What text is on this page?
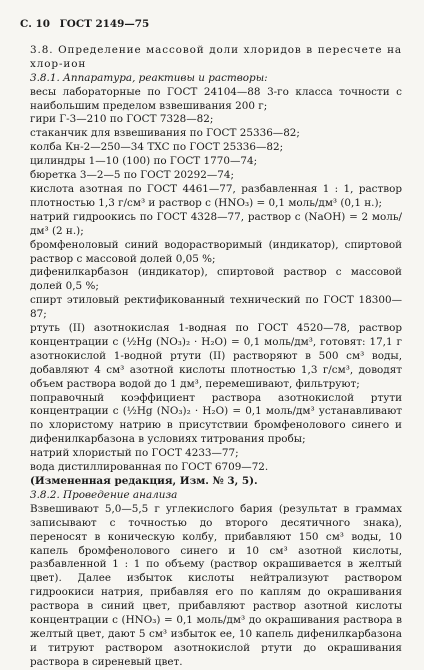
С. 10 ГОСТ 2149—75

3.8. Определение массовой доли хлоридов в пересчете на хлор-ион

3.8.1. Аппаратура, реактивы и растворы:

весы лабораторные по ГОСТ 24104—88 3-го класса точности с наибольшим пределом взвешивания 200 г;

гири Г-3—210 по ГОСТ 7328—82;

стаканчик для взвешивания по ГОСТ 25336—82;

колба Кн-2—250—34 ТХС по ГОСТ 25336—82;

цилиндры 1—10 (100) по ГОСТ 1770—74;

бюретка 3—2—5 по ГОСТ 20292—74;

кислота азотная по ГОСТ 4461—77, разбавленная 1 : 1, раствор плотностью 1,3 г/см³ и раствор с (HNO₃) = 0,1 моль/дм³ (0,1 н.);

натрий гидроокись по ГОСТ 4328—77, раствор с (NaOH) = 2 моль/дм³ (2 н.);

бромфеноловый синий водорастворимый (индикатор), спиртовой раствор с массовой долей 0,05 %;

дифенилкарбазон (индикатор), спиртовой раствор с массовой долей 0,5 %;

спирт этиловый ректификованный технический по ГОСТ 18300—87;

ртуть (II) азотнокислая 1-водная по ГОСТ 4520—78, раствор концентрации с (½Hg (NO₃)₂ · H₂O) = 0,1 моль/дм³, готовят: 17,1 г азотнокислой 1-водной ртути (II) растворяют в 500 см³ воды, добавляют 4 см³ азотной кислоты плотностью 1,3 г/см³, доводят объем раствора водой до 1 дм³, перемешивают, фильтруют;

поправочный коэффициент раствора азотнокислой ртути концентрации с (½Hg (NO₃)₂ · H₂O) = 0,1 моль/дм³ устанавливают по хлористому натрию в присутствии бромфенолового синего и дифенилкарбазона в условиях титрования пробы;

натрий хлористый по ГОСТ 4233—77;

вода дистиллированная по ГОСТ 6709—72.

(Измененная редакция, Изм. № 3, 5).

3.8.2. Проведение анализа

Взвешивают 5,0—5,5 г углекислого бария (результат в граммах записывают с точностью до второго десятичного знака), переносят в коническую колбу, прибавляют 150 см³ воды, 10 капель бромфенолового синего и 10 см³ азотной кислоты, разбавленной 1 : 1 по объему (раствор окрашивается в желтый цвет). Далее избыток кислоты нейтрализуют раствором гидроокиси натрия, прибавляя его по каплям до окрашивания раствора в синий цвет, прибавляют раствор азотной кислоты концентрации с (HNO₃) = 0,1 моль/дм³ до окрашивания раствора в желтый цвет, дают 5 см³ избыток ее, 10 капель дифенилкарбазона и титруют раствором азотнокислой ртути до окрашивания раствора в сиреневый цвет.
